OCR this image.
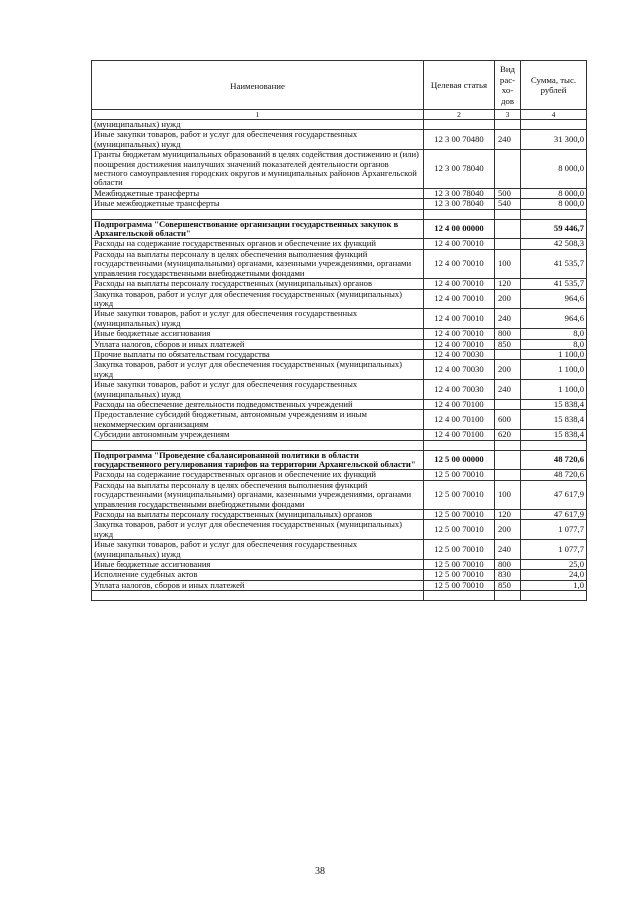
Наименование	Целевая статья	Вид рас-хо-дов	Сумма, тыс. рублей
1	2	3	4
(муниципальных) нужд			
Иные закупки товаров, работ и услуг для обеспечения государственных (муниципальных) нужд	12 3 00 70480	240	31 300,0
Гранты бюджетам муниципальных образований в целях содействия достижению и (или) поощрения достижения наилучших значений показателей деятельности органов местного самоуправления городских округов и муниципальных районов Архангельской области	12 3 00 78040		8 000,0
Межбюджетные трансферты	12 3 00 78040	500	8 000,0
Иные межбюджетные трансферты	12 3 00 78040	540	8 000,0

Подпрограмма "Совершенствование организации государственных закупок в Архангельской области"	12 4 00 00000		59 446,7
Расходы на содержание государственных органов и обеспечение их функций	12 4 00 70010		42 508,3
Расходы на выплаты персоналу в целях обеспечения выполнения функций государственными (муниципальными) органами, казенными учреждениями, органами управления государственными внебюджетными фондами	12 4 00 70010	100	41 535,7
Расходы на выплаты персоналу государственных (муниципальных) органов	12 4 00 70010	120	41 535,7
Закупка товаров, работ и услуг для обеспечения государственных (муниципальных) нужд	12 4 00 70010	200	964,6
Иные закупки товаров, работ и услуг для обеспечения государственных (муниципальных) нужд	12 4 00 70010	240	964,6
Иные бюджетные ассигнования	12 4 00 70010	800	8,0
Уплата налогов, сборов и иных платежей	12 4 00 70010	850	8,0
Прочие выплаты по обязательствам государства	12 4 00 70030		1 100,0
Закупка товаров, работ и услуг для обеспечения государственных (муниципальных) нужд	12 4 00 70030	200	1 100,0
Иные закупки товаров, работ и услуг для обеспечения государственных (муниципальных) нужд	12 4 00 70030	240	1 100,0
Расходы на обеспечение деятельности подведомственных учреждений	12 4 00 70100		15 838,4
Предоставление субсидий бюджетным, автономным учреждениям и иным некоммерческим организациям	12 4 00 70100	600	15 838,4
Субсидии автономным учреждениям	12 4 00 70100	620	15 838,4

Подпрограмма "Проведение сбалансированной политики в области государственного регулирования тарифов на территории Архангельской области"	12 5 00 00000		48 720,6
Расходы на содержание государственных органов и обеспечение их функций	12 5 00 70010		48 720,6
Расходы на выплаты персоналу в целях обеспечения выполнения функций государственными (муниципальными) органами, казенными учреждениями, органами управления государственными внебюджетными фондами	12 5 00 70010	100	47 617,9
Расходы на выплаты персоналу государственных (муниципальных) органов	12 5 00 70010	120	47 617,9
Закупка товаров, работ и услуг для обеспечения государственных (муниципальных) нужд	12 5 00 70010	200	1 077,7
Иные закупки товаров, работ и услуг для обеспечения государственных (муниципальных) нужд	12 5 00 70010	240	1 077,7
Иные бюджетные ассигнования	12 5 00 70010	800	25,0
Исполнение судебных актов	12 5 00 70010	830	24,0
Уплата налогов, сборов и иных платежей	12 5 00 70010	850	1,0

38
